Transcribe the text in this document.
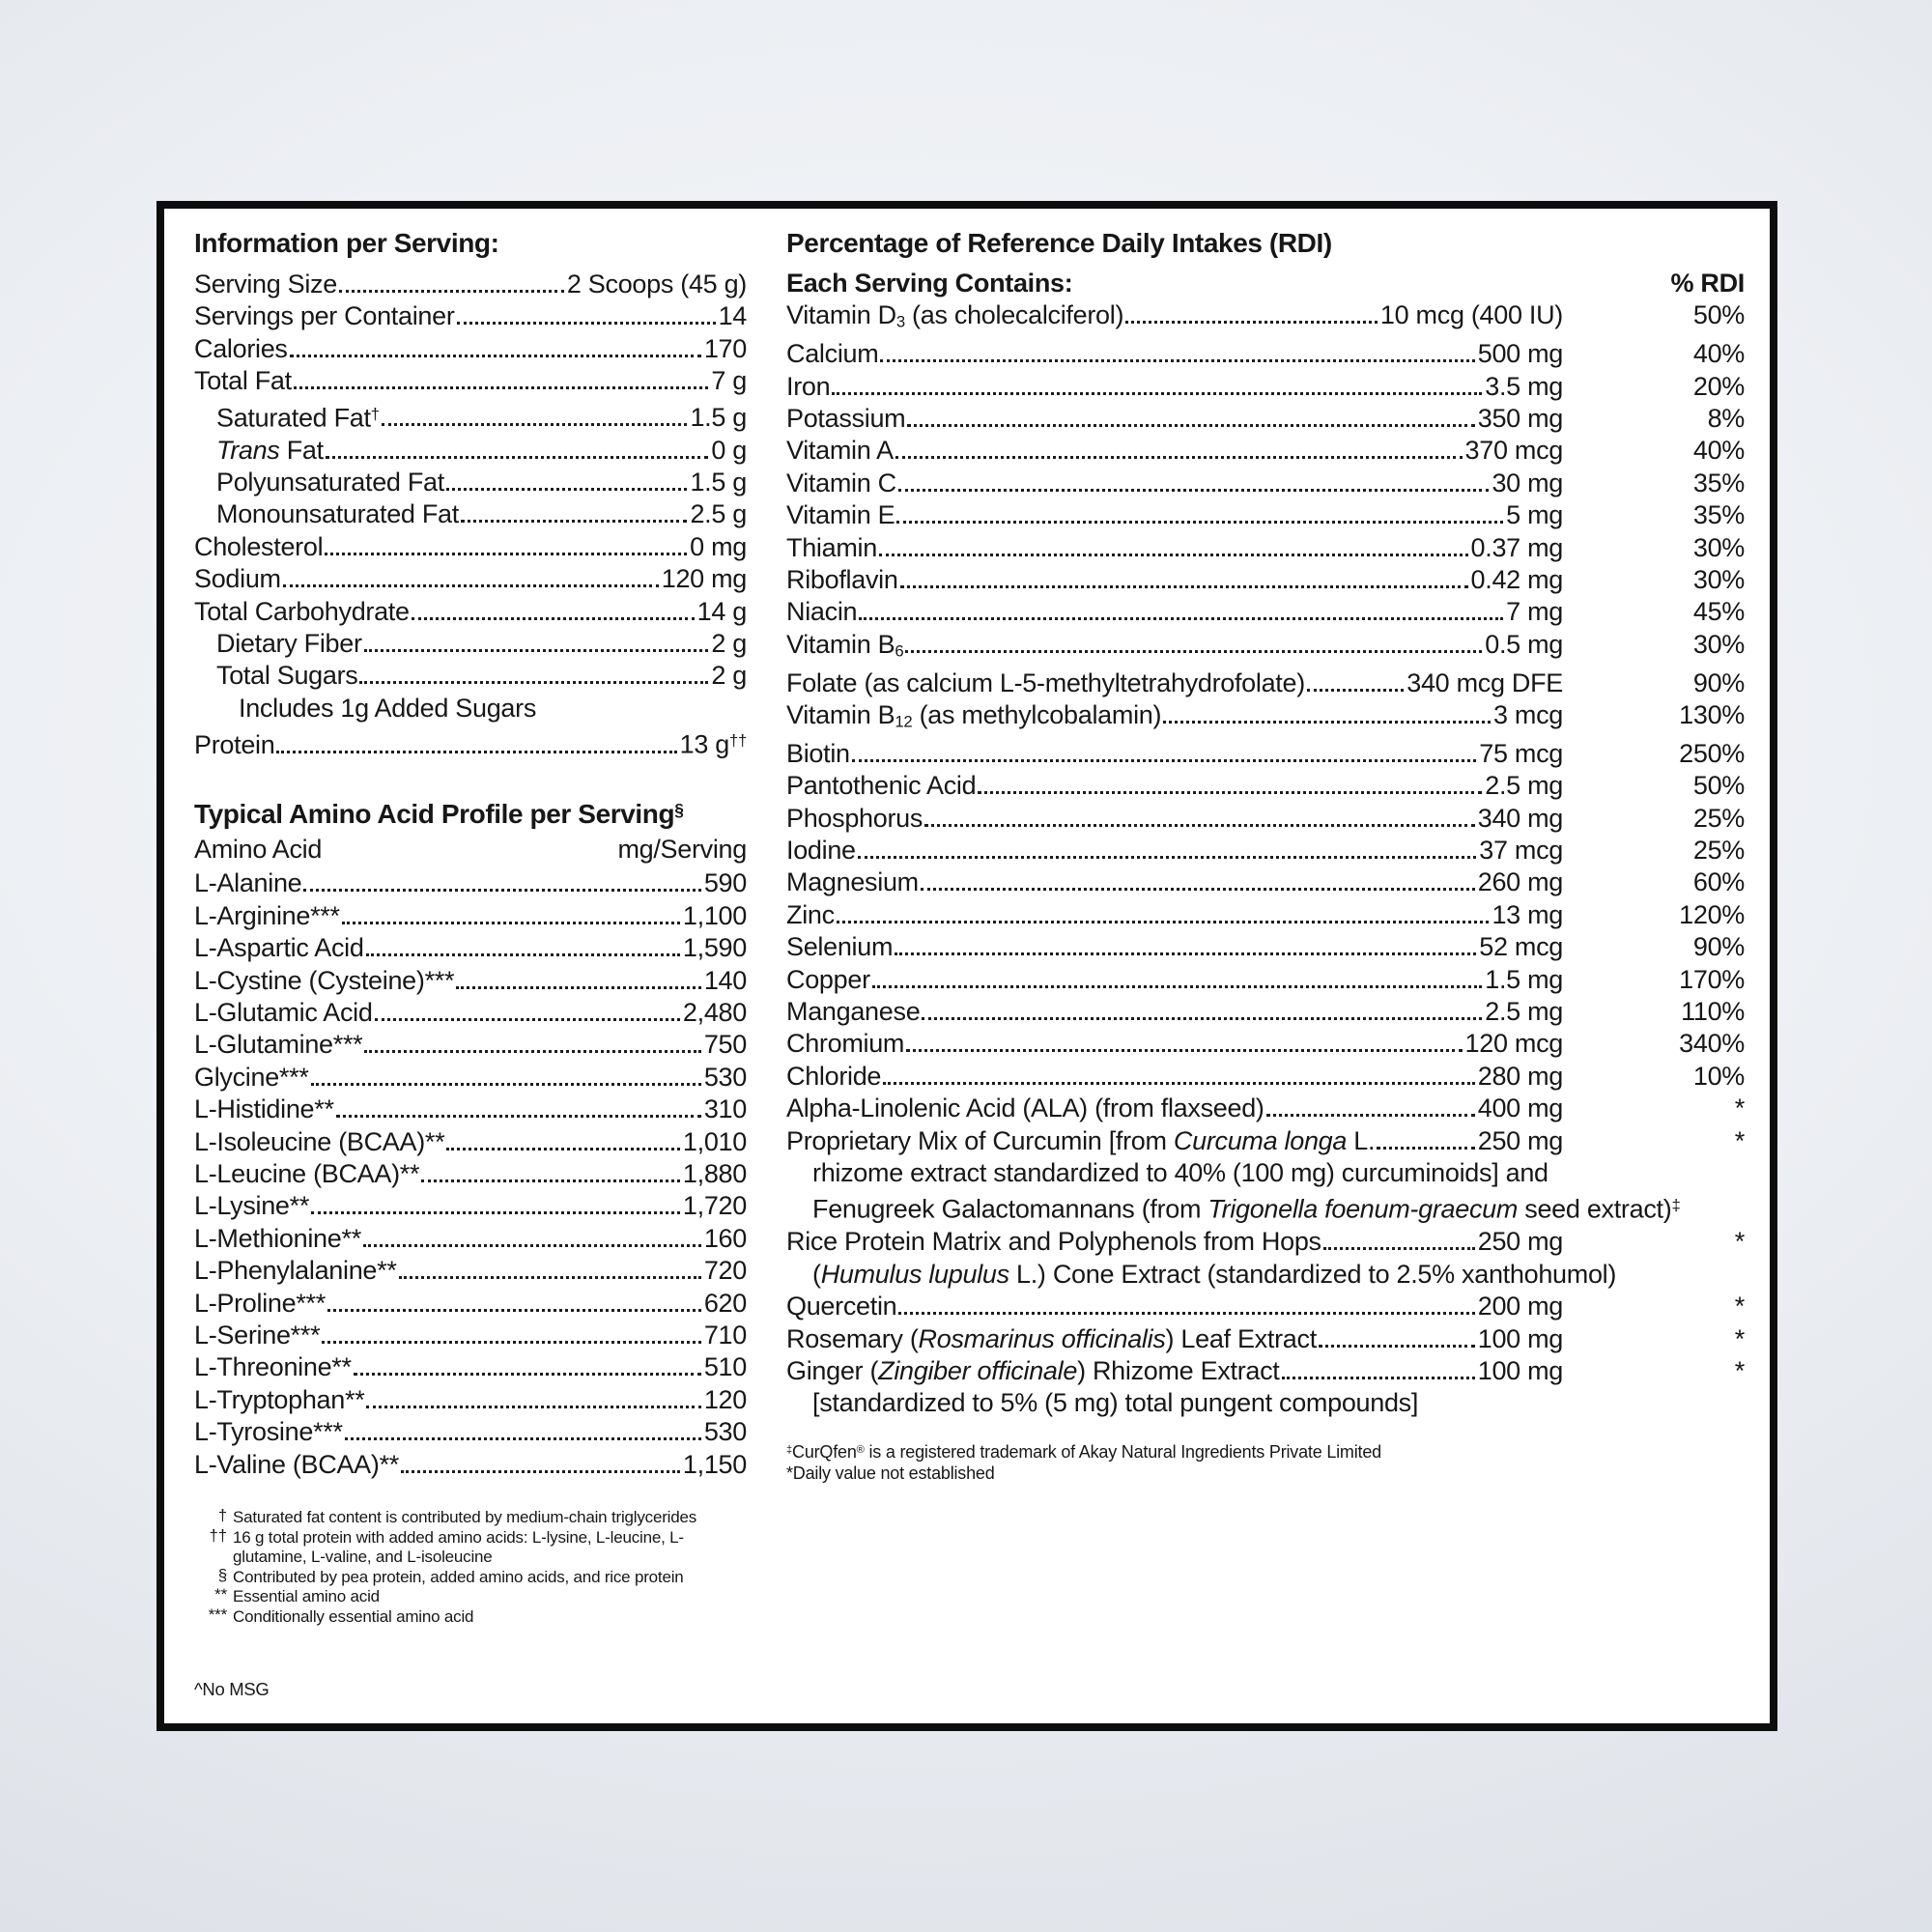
Information per Serving:
Serving Size	2 Scoops (45 g)
Servings per Container	14
Calories	170
Total Fat	7 g
Saturated Fat†	1.5 g
Trans Fat	0 g
Polyunsaturated Fat	1.5 g
Monounsaturated Fat	2.5 g
Cholesterol	0 mg
Sodium	120 mg
Total Carbohydrate	14 g
Dietary Fiber	2 g
Total Sugars	2 g
Includes 1g Added Sugars
Protein	13 g††
Typical Amino Acid Profile per Serving§
Amino Acid	mg/Serving
L-Alanine	590
L-Arginine***	1,100
L-Aspartic Acid	1,590
L-Cystine (Cysteine)***	140
L-Glutamic Acid	2,480
L-Glutamine***	750
Glycine***	530
L-Histidine**	310
L-Isoleucine (BCAA)**	1,010
L-Leucine (BCAA)**	1,880
L-Lysine**	1,720
L-Methionine**	160
L-Phenylalanine**	720
L-Proline***	620
L-Serine***	710
L-Threonine**	510
L-Tryptophan**	120
L-Tyrosine***	530
L-Valine (BCAA)**	1,150
† Saturated fat content is contributed by medium-chain triglycerides
†† 16 g total protein with added amino acids: L-lysine, L-leucine, L-glutamine, L-valine, and L-isoleucine
§ Contributed by pea protein, added amino acids, and rice protein
** Essential amino acid
*** Conditionally essential amino acid
^No MSG
Percentage of Reference Daily Intakes (RDI)
Each Serving Contains:	% RDI
Vitamin $D_3$ (as cholecalciferol)	10 mcg (400 IU)	50%
Calcium	500 mg	40%
Iron	3.5 mg	20%
Potassium	350 mg	8%
Vitamin A	370 mcg	40%
Vitamin C	30 mg	35%
Vitamin E	5 mg	35%
Thiamin	0.37 mg	30%
Riboflavin	0.42 mg	30%
Niacin	7 mg	45%
Vitamin $B_6$	0.5 mg	30%
Folate (as calcium L-5-methyltetrahydrofolate)	340 mcg DFE	90%
Vitamin $B_{12}$ (as methylcobalamin)	3 mcg	130%
Biotin	75 mcg	250%
Pantothenic Acid	2.5 mg	50%
Phosphorus	340 mg	25%
Iodine	37 mcg	25%
Magnesium	260 mg	60%
Zinc	13 mg	120%
Selenium	52 mcg	90%
Copper	1.5 mg	170%
Manganese	2.5 mg	110%
Chromium	120 mcg	340%
Chloride	280 mg	10%
Alpha-Linolenic Acid (ALA) (from flaxseed)	400 mg	*
Proprietary Mix of Curcumin [from Curcuma longa L.	250 mg	*
rhizome extract standardized to 40% (100 mg) curcuminoids] and
Fenugreek Galactomannans (from Trigonella foenum-graecum seed extract)‡
Rice Protein Matrix and Polyphenols from Hops	250 mg	*
(Humulus lupulus L.) Cone Extract (standardized to 2.5% xanthohumol)
Quercetin	200 mg	*
Rosemary (Rosmarinus officinalis) Leaf Extract	100 mg	*
Ginger (Zingiber officinale) Rhizome Extract	100 mg	*
[standardized to 5% (5 mg) total pungent compounds]
‡CurQfen® is a registered trademark of Akay Natural Ingredients Private Limited
*Daily value not established
